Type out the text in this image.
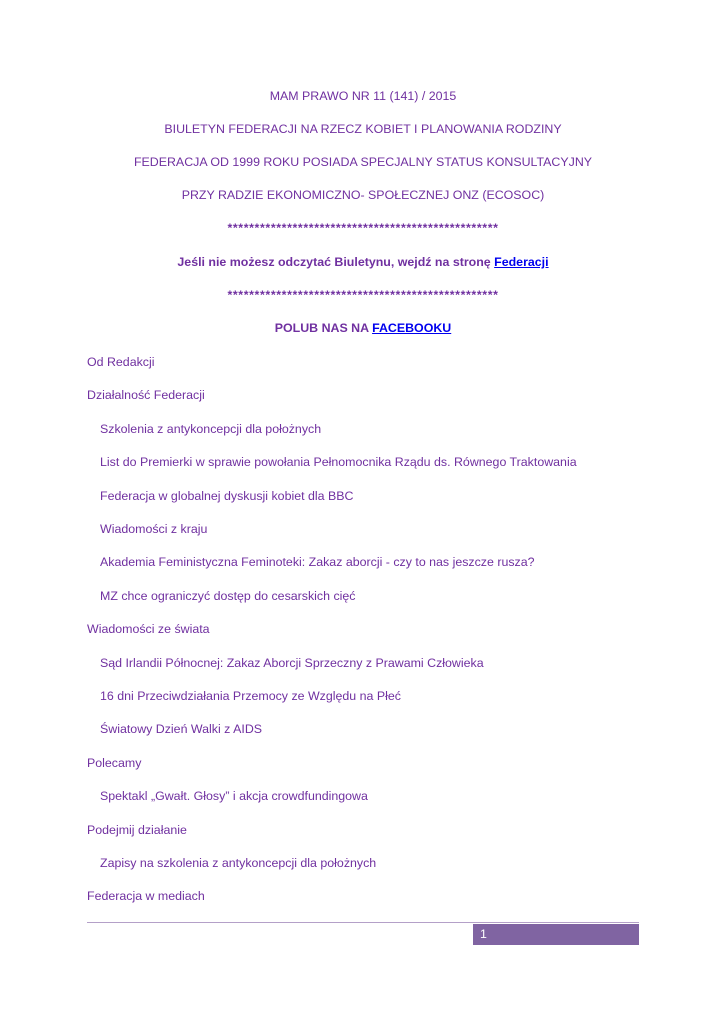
MAM PRAWO NR 11 (141) / 2015
BIULETYN FEDERACJI NA RZECZ KOBIET I PLANOWANIA RODZINY
FEDERACJA OD 1999 ROKU POSIADA SPECJALNY STATUS KONSULTACYJNY
PRZY RADZIE EKONOMICZNO- SPOŁECZNEJ ONZ (ECOSOC)
**************************************************
Jeśli nie możesz odczytać Biuletynu, wejdź na stronę Federacji
**************************************************
POLUB NAS NA FACEBOOKU
Od Redakcji
Działalność Federacji
Szkolenia z antykoncepcji dla położnych
List do Premierki w sprawie powołania Pełnomocnika Rządu ds. Równego Traktowania
Federacja w globalnej dyskusji kobiet dla BBC
Wiadomości z kraju
Akademia Feministyczna Feminoteki: Zakaz aborcji - czy to nas jeszcze rusza?
MZ chce ograniczyć dostęp do cesarskich cięć
Wiadomości ze świata
Sąd Irlandii Północnej: Zakaz Aborcji Sprzeczny z Prawami Człowieka
16 dni Przeciwdziałania Przemocy ze Względu na Płeć
Światowy Dzień Walki z AIDS
Polecamy
Spektakl „Gwałt. Głosy” i akcja crowdfundingowa
Podejmij działanie
Zapisy na szkolenia z antykoncepcji dla położnych
Federacja w mediach
1
